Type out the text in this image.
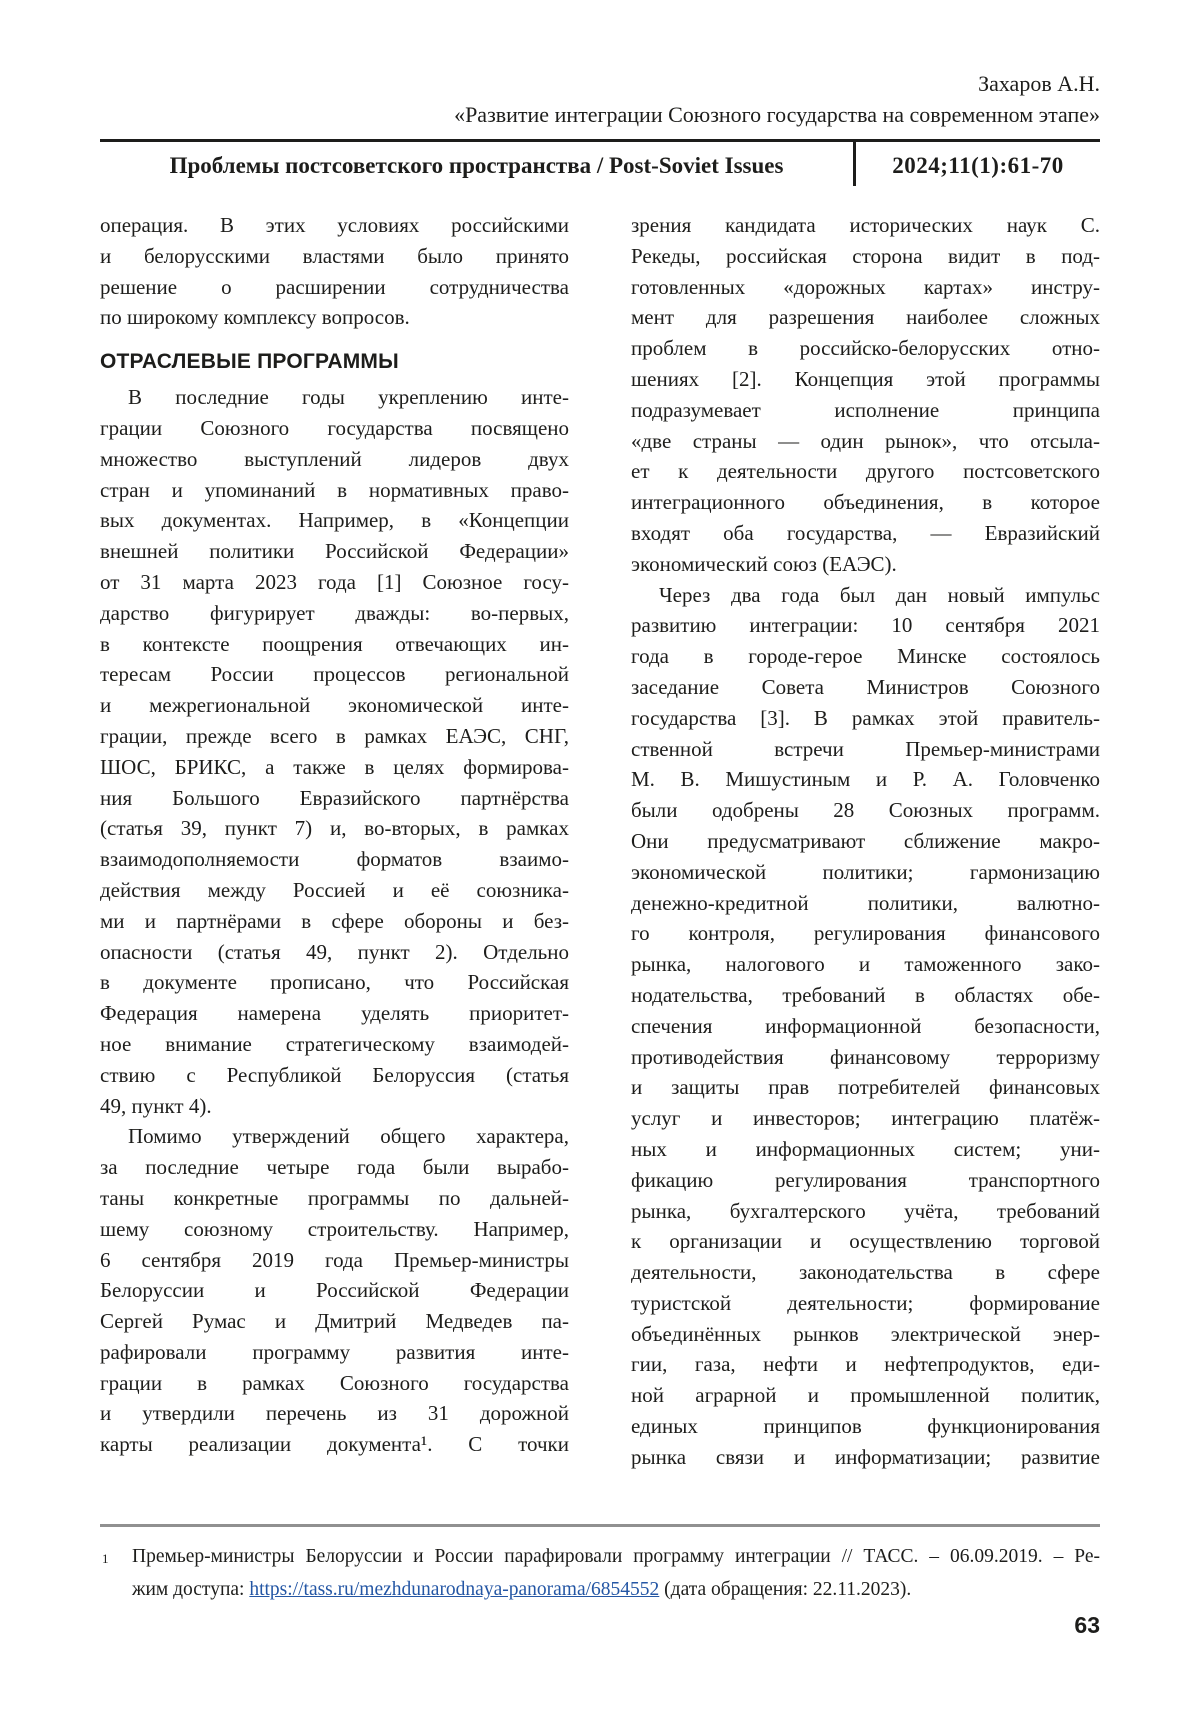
Захаров А.Н.
«Развитие интеграции Союзного государства на современном этапе»
Проблемы постсоветского пространства / Post-Soviet Issues	2024;11(1):61-70
операция. В этих условиях российскими
и белорусскими властями было принято
решение о расширении сотрудничества
по широкому комплексу вопросов.
ОТРАСЛЕВЫЕ ПРОГРАММЫ
В последние годы укреплению инте-
грации Союзного государства посвящено
множество выступлений лидеров двух
стран и упоминаний в нормативных право-
вых документах. Например, в «Концепции
внешней политики Российской Федерации»
от 31 марта 2023 года [1] Союзное госу-
дарство фигурирует дважды: во-первых,
в контексте поощрения отвечающих ин-
тересам России процессов региональной
и межрегиональной экономической инте-
грации, прежде всего в рамках ЕАЭС, СНГ,
ШОС, БРИКС, а также в целях формирова-
ния Большого Евразийского партнёрства
(статья 39, пункт 7) и, во-вторых, в рамках
взаимодополняемости форматов взаимо-
действия между Россией и её союзника-
ми и партнёрами в сфере обороны и без-
опасности (статья 49, пункт 2). Отдельно
в документе прописано, что Российская
Федерация намерена уделять приоритет-
ное внимание стратегическому взаимодей-
ствию с Республикой Белоруссия (статья
49, пункт 4).
Помимо утверждений общего характера,
за последние четыре года были вырабо-
таны конкретные программы по дальней-
шему союзному строительству. Например,
6 сентября 2019 года Премьер-министры
Белоруссии и Российской Федерации
Сергей Румас и Дмитрий Медведев па-
рафировали программу развития инте-
грации в рамках Союзного государства
и утвердили перечень из 31 дорожной
карты реализации документа¹. С точки
зрения кандидата исторических наук С.
Рекеды, российская сторона видит в под-
готовленных «дорожных картах» инстру-
мент для разрешения наиболее сложных
проблем в российско-белорусских отно-
шениях [2]. Концепция этой программы
подразумевает исполнение принципа
«две страны — один рынок», что отсыла-
ет к деятельности другого постсоветского
интеграционного объединения, в которое
входят оба государства, — Евразийский
экономический союз (ЕАЭС).
Через два года был дан новый импульс
развитию интеграции: 10 сентября 2021
года в городе-герое Минске состоялось
заседание Совета Министров Союзного
государства [3]. В рамках этой правитель-
ственной встречи Премьер-министрами
М. В. Мишустиным и Р. А. Головченко
были одобрены 28 Союзных программ.
Они предусматривают сближение макро-
экономической политики; гармонизацию
денежно-кредитной политики, валютно-
го контроля, регулирования финансового
рынка, налогового и таможенного зако-
нодательства, требований в областях обе-
спечения информационной безопасности,
противодействия финансовому терроризму
и защиты прав потребителей финансовых
услуг и инвесторов; интеграцию платёж-
ных и информационных систем; уни-
фикацию регулирования транспортного
рынка, бухгалтерского учёта, требований
к организации и осуществлению торговой
деятельности, законодательства в сфере
туристской деятельности; формирование
объединённых рынков электрической энер-
гии, газа, нефти и нефтепродуктов, еди-
ной аграрной и промышленной политик,
единых принципов функционирования
рынка связи и информатизации; развитие
1	Премьер-министры Белоруссии и России парафировали программу интеграции // ТАСС. – 06.09.2019. – Ре-
жим доступа: https://tass.ru/mezhdunarodnaya-panorama/6854552 (дата обращения: 22.11.2023).
63
